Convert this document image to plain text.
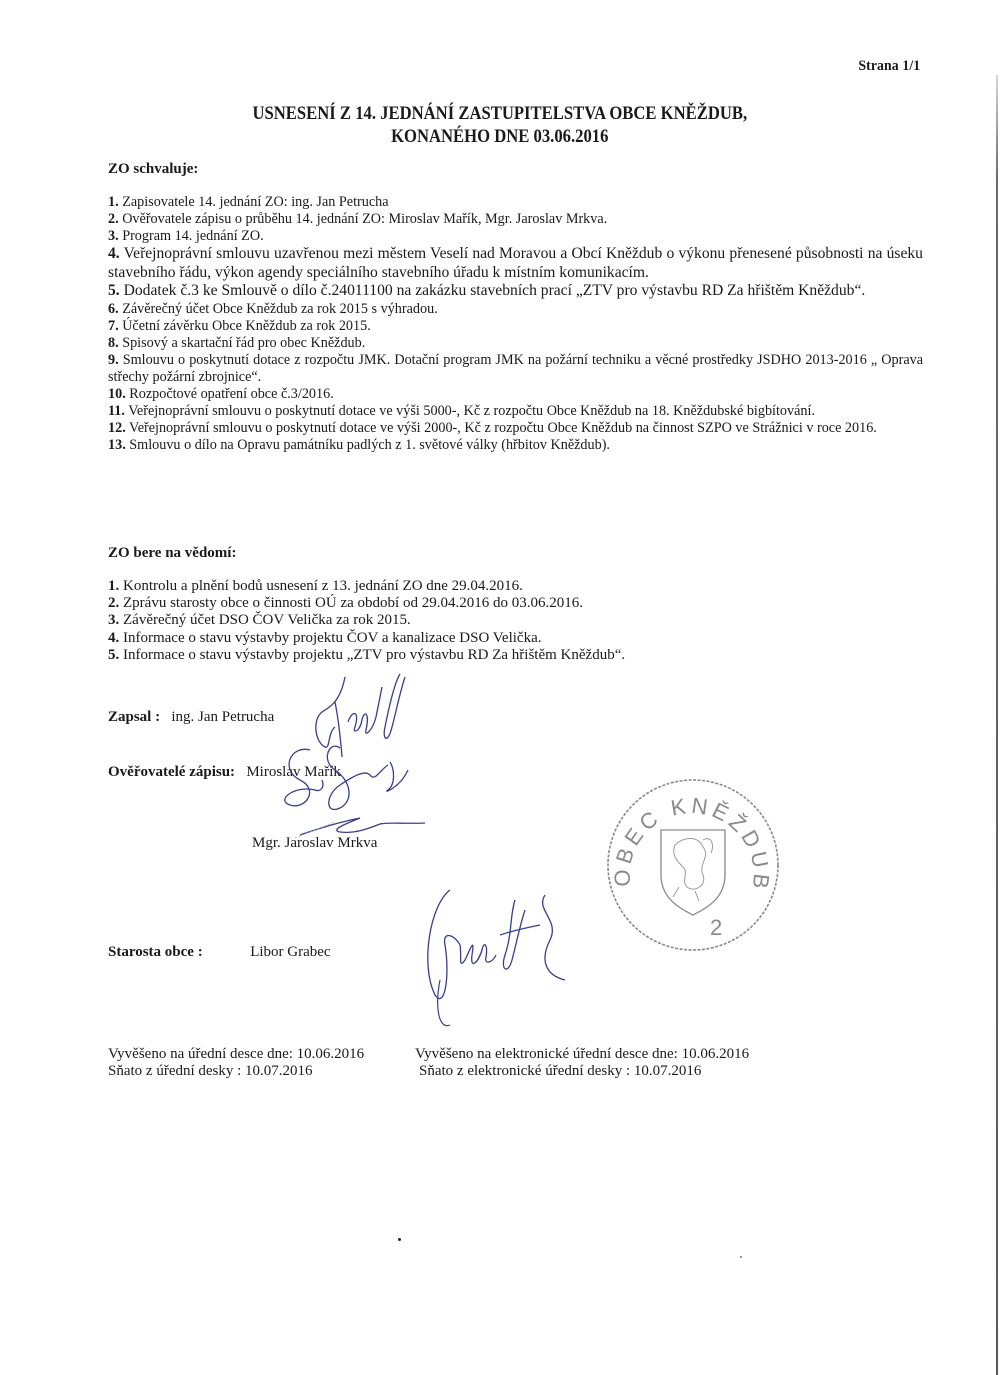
Strana 1/1
USNESENÍ Z 14. JEDNÁNÍ ZASTUPITELSTVA OBCE KNĚŽDUB,
KONANÉHO DNE 03.06.2016
ZO schvaluje:

1. Zapisovatele 14. jednání ZO: ing. Jan Petrucha

2. Ověřovatele zápisu o průběhu 14. jednání ZO: Miroslav Mařík, Mgr. Jaroslav Mrkva.

3. Program 14. jednání ZO.

4. Veřejnoprávní smlouvu uzavřenou mezi městem Veselí nad Moravou a Obcí Kněždub o výkonu přenesené působnosti na úseku stavebního řádu, výkon agendy speciálního stavebního úřadu k místním komunikacím.

5. Dodatek č.3 ke Smlouvě o dílo č.24011100 na zakázku stavebních prací „ZTV pro výstavbu RD Za hřištěm Kněždub“.

6. Závěrečný účet Obce Kněždub za rok 2015 s výhradou.

7. Účetní závěrku Obce Kněždub za rok 2015.

8. Spisový a skartační řád pro obec Kněždub.

9. Smlouvu o poskytnutí dotace z rozpočtu JMK. Dotační program JMK na požární techniku a věcné prostředky JSDHO 2013-2016 „ Oprava střechy požární zbrojnice“.

10. Rozpočtové opatření obce č.3/2016.

11. Veřejnoprávní smlouvu o poskytnutí dotace ve výši 5000-, Kč z rozpočtu Obce Kněždub na 18. Kněždubské bigbítování.

12. Veřejnoprávní smlouvu o poskytnutí dotace ve výši 2000-, Kč z rozpočtu Obce Kněždub na činnost SZPO ve Strážnici v roce 2016.

13. Smlouvu o dílo na Opravu památníku padlých z 1. světové války (hřbitov Kněždub).

ZO bere na vědomí:

1. Kontrolu a plnění bodů usnesení z 13. jednání ZO dne 29.04.2016.

2. Zprávu starosty obce o činnosti OÚ za období od 29.04.2016 do 03.06.2016.

3. Závěrečný účet DSO ČOV Velička za rok 2015.

4. Informace o stavu výstavby projektu ČOV a kanalizace DSO Velička.

5. Informace o stavu výstavby projektu „ZTV pro výstavbu RD Za hřištěm Kněždub“.

Zapsal : ing. Jan Petrucha
Ověřovatelé zápisu: Miroslav Mařík
Mgr. Jaroslav Mrkva
Starosta obce :	Libor Grabec
OBEC KNĚŽDUB
2
Vyvěšeno na úřední desce dne: 10.06.2016
Sňato z úřední desky : 10.07.2016
Vyvěšeno na elektronické úřední desce dne: 10.06.2016
Sňato z elektronické úřední desky : 10.07.2016
